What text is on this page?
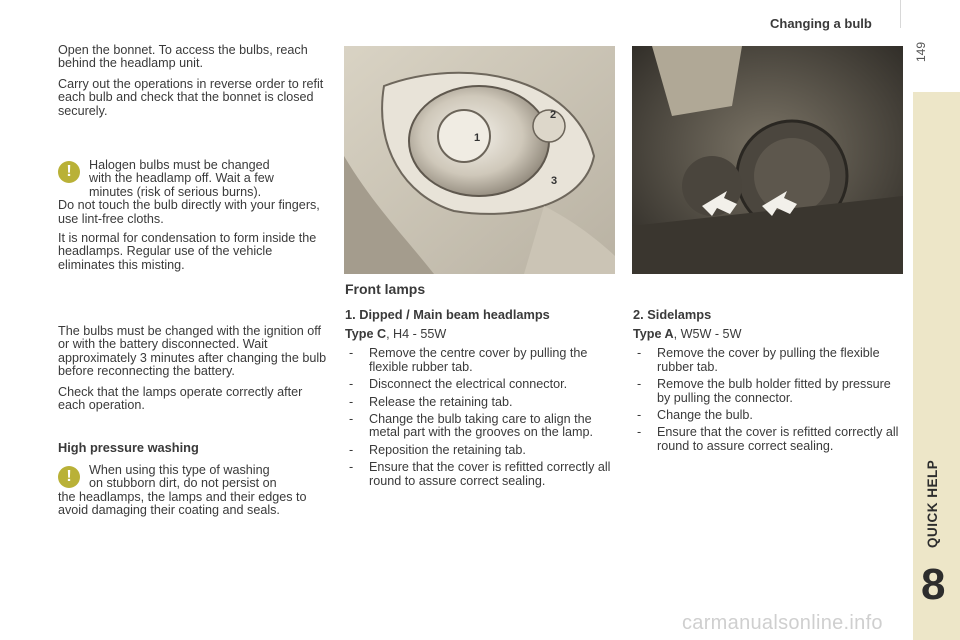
Changing a bulb
149
QUICK HELP
8

Open the bonnet. To access the bulbs, reach behind the headlamp unit.

Carry out the operations in reverse order to refit each bulb and check that the bonnet is closed securely.

!	Halogen bulbs must be changed
with the headlamp off. Wait a few
minutes (risk of serious burns).
Do not touch the bulb directly with your fingers, use lint-free cloths.

It is normal for condensation to form inside the headlamps. Regular use of the vehicle eliminates this misting.

The bulbs must be changed with the ignition off or with the battery disconnected. Wait approximately 3 minutes after changing the bulb before reconnecting the battery.

Check that the lamps operate correctly after each operation.

High pressure washing
!	When using this type of washing
on stubborn dirt, do not persist on
the headlamps, the lamps and their edges to avoid damaging their coating and seals.
1
2
3
Front lamps

1. Dipped / Main beam headlamps

Type C, H4 - 55W

- Remove the centre cover by pulling the flexible rubber tab.
- Disconnect the electrical connector.
- Release the retaining tab.
- Change the bulb taking care to align the metal part with the grooves on the lamp.
- Reposition the retaining tab.
- Ensure that the cover is refitted correctly all round to assure correct sealing.

2. Sidelamps

Type A, W5W - 5W

- Remove the cover by pulling the flexible rubber tab.
- Remove the bulb holder fitted by pressure by pulling the connector.
- Change the bulb.
- Ensure that the cover is refitted correctly all round to assure correct sealing.
carmanualsonline.info
